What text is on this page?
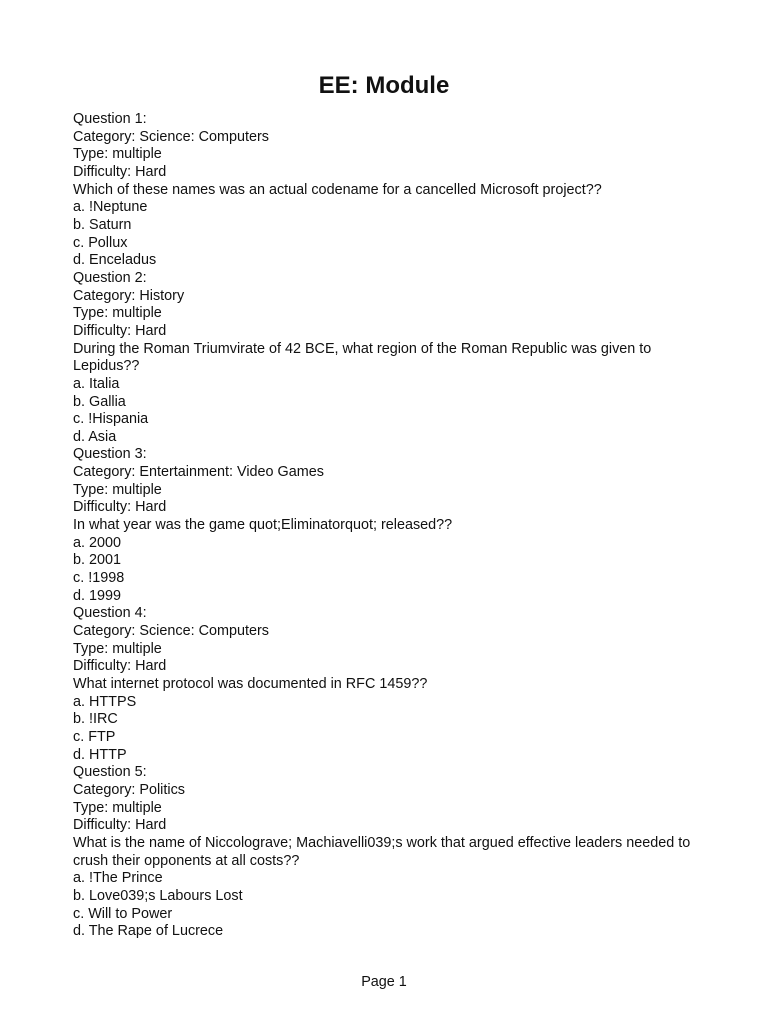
EE: Module
Question 1:
Category: Science: Computers
Type: multiple
Difficulty: Hard
Which of these names was an actual codename for a cancelled Microsoft project??
a. !Neptune
b. Saturn
c. Pollux
d. Enceladus
Question 2:
Category: History
Type: multiple
Difficulty: Hard
During the Roman Triumvirate of 42 BCE, what region of the Roman Republic was given to Lepidus??
a. Italia
b. Gallia
c. !Hispania
d. Asia
Question 3:
Category: Entertainment: Video Games
Type: multiple
Difficulty: Hard
In what year was the game quot;Eliminatorquot; released??
a. 2000
b. 2001
c. !1998
d. 1999
Question 4:
Category: Science: Computers
Type: multiple
Difficulty: Hard
What internet protocol was documented in RFC 1459??
a. HTTPS
b. !IRC
c. FTP
d. HTTP
Question 5:
Category: Politics
Type: multiple
Difficulty: Hard
What is the name of Niccolograve; Machiavelli039;s work that argued effective leaders needed to crush their opponents at all costs??
a. !The Prince
b. Love039;s Labours Lost
c. Will to Power
d. The Rape of Lucrece
Page 1
